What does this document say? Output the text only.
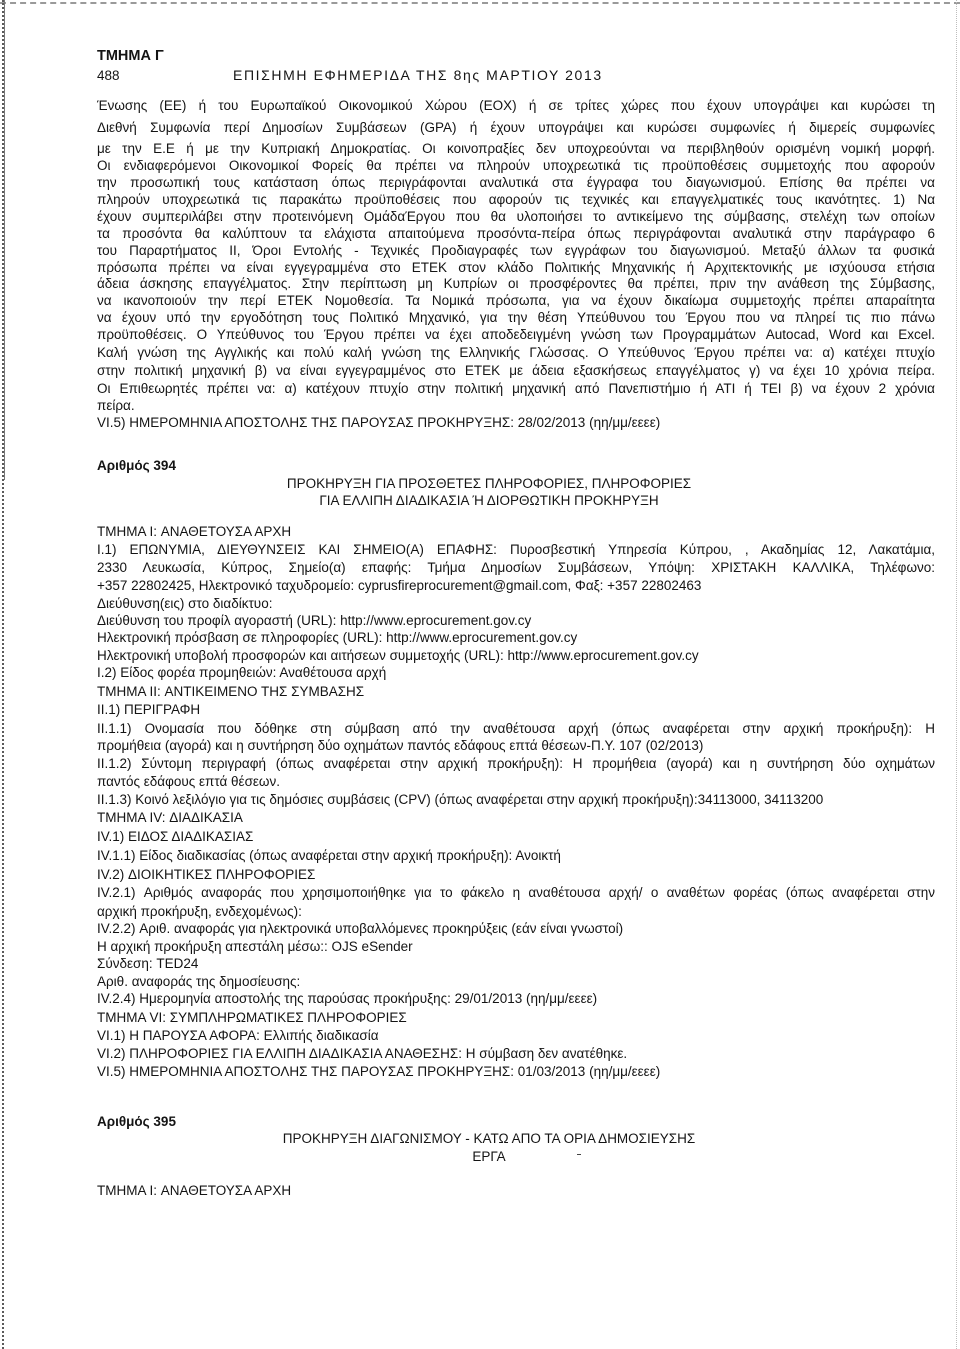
ΤΜΗΜΑ Γ
488	ΕΠΙΣΗΜΗ ΕΦΗΜΕΡΙΔΑ ΤΗΣ 8ης ΜΑΡΤΙΟΥ 2013
Ένωσης (ΕΕ) ή του Ευρωπαϊκού Οικονομικού Χώρου (ΕΟΧ) ή σε τρίτες χώρες που έχουν υπογράψει και κυρώσει τη
Διεθνή Συμφωνία περί Δημοσίων Συμβάσεων (GPA) ή έχουν υπογράψει και κυρώσει συμφωνίες ή διμερείς συμφωνίες
με την Ε.Ε ή με την Κυπριακή Δημοκρατίας. Οι κοινοπραξίες δεν υποχρεούνται να περιβληθούν ορισμένη νομική μορφή.
Οι ενδιαφερόμενοι Οικονομικοί Φορείς θα πρέπει να πληρούν υποχρεωτικά τις προϋποθέσεις συμμετοχής που αφορούν
την προσωπική τους κατάσταση όπως περιγράφονται αναλυτικά στα έγγραφα του διαγωνισμού. Επίσης θα πρέπει να
πληρούν υποχρεωτικά τις παρακάτω προϋποθέσεις που αφορούν τις τεχνικές και επαγγελματικές τους ικανότητες. 1) Να
έχουν συμπεριλάβει στην προτεινόμενη ΟμάδαΈργου που θα υλοποιήσει το αντικείμενο της σύμβασης, στελέχη των οποίων
τα προσόντα θα καλύπτουν τα ελάχιστα απαιτούμενα προσόντα-πείρα όπως περιγράφονται αναλυτικά στην παράγραφο 6
του Παραρτήματος II, Όροι Εντολής - Τεχνικές Προδιαγραφές των εγγράφων του διαγωνισμού. Μεταξύ άλλων τα φυσικά
πρόσωπα πρέπει να είναι εγγεγραμμένα στο ΕΤΕΚ στον κλάδο Πολιτικής Μηχανικής ή Αρχιτεκτονικής με ισχύουσα ετήσια
άδεια άσκησης επαγγέλματος. Στην περίπτωση μη Κυπρίων οι προσφέροντες θα πρέπει, πριν την ανάθεση της Σύμβασης,
να ικανοποιούν την περί ΕΤΕΚ Νομοθεσία. Τα Νομικά πρόσωπα, για να έχουν δικαίωμα συμμετοχής πρέπει απαραίτητα
να έχουν υπό την εργοδότηση τους Πολιτικό Μηχανικό, για την θέση Υπεύθυνου του Έργου που να πληρεί τις πιο πάνω
προϋποθέσεις. Ο Υπεύθυνος του Έργου πρέπει να έχει αποδεδειγμένη γνώση των Προγραμμάτων Autocad, Word και Excel.
Καλή γνώση της Αγγλικής και πολύ καλή γνώση της Ελληνικής Γλώσσας. Ο Υπεύθυνος Έργου πρέπει να: α) κατέχει πτυχίο
στην πολιτική μηχανική β) να είναι εγγεγραμμένος στο ΕΤΕΚ με άδεια εξασκήσεως επαγγέλματος γ) να έχει 10 χρόνια πείρα.
Οι Επιθεωρητές πρέπει να: α) κατέχουν πτυχίο στην πολιτική μηχανική από Πανεπιστήμιο ή ΑΤΙ ή ΤΕΙ β) να έχουν 2 χρόνια
πείρα.
VI.5) ΗΜΕΡΟΜΗΝΙΑ ΑΠΟΣΤΟΛΗΣ ΤΗΣ ΠΑΡΟΥΣΑΣ ΠΡΟΚΗΡΥΞΗΣ: 28/02/2013 (ηη/μμ/εεεε)
Αριθμός 394
ΠΡΟΚΗΡΥΞΗ ΓΙΑ ΠΡΟΣΘΕΤΕΣ ΠΛΗΡΟΦΟΡΙΕΣ, ΠΛΗΡΟΦΟΡΙΕΣ
ΓΙΑ ΕΛΛΙΠΗ ΔΙΑΔΙΚΑΣΙΑ Ή ΔΙΟΡΘΩΤΙΚΗ ΠΡΟΚΗΡΥΞΗ
ΤΜΗΜΑ I: ΑΝΑΘΕΤΟΥΣΑ ΑΡΧΗ
I.1) ΕΠΩΝΥΜΙΑ, ΔΙΕΥΘΥΝΣΕΙΣ ΚΑΙ ΣΗΜΕΙΟ(Α) ΕΠΑΦΗΣ: Πυροσβεστική Υπηρεσία Κύπρου, , Ακαδημίας 12, Λακατάμια,
2330 Λευκωσία, Κύπρος, Σημείο(α) επαφής: Τμήμα Δημοσίων Συμβάσεων, Υπόψη: ΧΡΙΣΤΑΚΗ ΚΑΛΛΙΚΑ, Τηλέφωνο:
+357 22802425, Ηλεκτρονικό ταχυδρομείο: cyprusfireprocurement@gmail.com, Φαξ: +357 22802463
Διεύθυνση(εις) στο διαδίκτυο:
Διεύθυνση του προφίλ αγοραστή (URL): http://www.eprocurement.gov.cy
Ηλεκτρονική πρόσβαση σε πληροφορίες (URL): http://www.eprocurement.gov.cy
Ηλεκτρονική υποβολή προσφορών και αιτήσεων συμμετοχής (URL): http://www.eprocurement.gov.cy
I.2) Είδος φορέα προμηθειών: Αναθέτουσα αρχή
ΤΜΗΜΑ II: ΑΝΤΙΚΕΙΜΕΝΟ ΤΗΣ ΣΥΜΒΑΣΗΣ
II.1) ΠΕΡΙΓΡΑΦΗ
II.1.1) Ονομασία που δόθηκε στη σύμβαση από την αναθέτουσα αρχή (όπως αναφέρεται στην αρχική προκήρυξη): Η
προμήθεια (αγορά) και η συντήρηση δύο οχημάτων παντός εδάφους επτά θέσεων-Π.Υ. 107 (02/2013)
II.1.2) Σύντομη περιγραφή (όπως αναφέρεται στην αρχική προκήρυξη): Η προμήθεια (αγορά) και η συντήρηση δύο οχημάτων
παντός εδάφους επτά θέσεων.
II.1.3) Κοινό λεξιλόγιο για τις δημόσιες συμβάσεις (CPV) (όπως αναφέρεται στην αρχική προκήρυξη):34113000, 34113200
ΤΜΗΜΑ IV: ΔΙΑΔΙΚΑΣΙΑ
IV.1) ΕΙΔΟΣ ΔΙΑΔΙΚΑΣΙΑΣ
IV.1.1) Είδος διαδικασίας (όπως αναφέρεται στην αρχική προκήρυξη): Ανοικτή
IV.2) ΔΙΟΙΚΗΤΙΚΕΣ ΠΛΗΡΟΦΟΡΙΕΣ
IV.2.1) Αριθμός αναφοράς που χρησιμοποιήθηκε για το φάκελο η αναθέτουσα αρχή/ ο αναθέτων φορέας (όπως αναφέρεται στην
αρχική προκήρυξη, ενδεχομένως):
IV.2.2) Αριθ. αναφοράς για ηλεκτρονικά υποβαλλόμενες προκηρύξεις (εάν είναι γνωστοί)
Η αρχική προκήρυξη απεστάλη μέσω:: OJS eSender
Σύνδεση: TED24
Αριθ. αναφοράς της δημοσίευσης:
IV.2.4) Ημερομηνία αποστολής της παρούσας προκήρυξης: 29/01/2013 (ηη/μμ/εεεε)
ΤΜΗΜΑ VI: ΣΥΜΠΛΗΡΩΜΑΤΙΚΕΣ ΠΛΗΡΟΦΟΡΙΕΣ
VI.1) Η ΠΑΡΟΥΣΑ ΑΦΟΡΑ: Ελλιπής διαδικασία
VI.2) ΠΛΗΡΟΦΟΡΙΕΣ ΓΙΑ ΕΛΛΙΠΗ ΔΙΑΔΙΚΑΣΙΑ ΑΝΑΘΕΣΗΣ: Η σύμβαση δεν ανατέθηκε.
VI.5) ΗΜΕΡΟΜΗΝΙΑ ΑΠΟΣΤΟΛΗΣ ΤΗΣ ΠΑΡΟΥΣΑΣ ΠΡΟΚΗΡΥΞΗΣ: 01/03/2013 (ηη/μμ/εεεε)
Αριθμός 395
ΠΡΟΚΗΡΥΞΗ ΔΙΑΓΩΝΙΣΜΟΥ - ΚΑΤΩ ΑΠΟ ΤΑ ΟΡΙΑ ΔΗΜΟΣΙΕΥΣΗΣ
ΕΡΓΑ
ΤΜΗΜΑ I: ΑΝΑΘΕΤΟΥΣΑ ΑΡΧΗ
